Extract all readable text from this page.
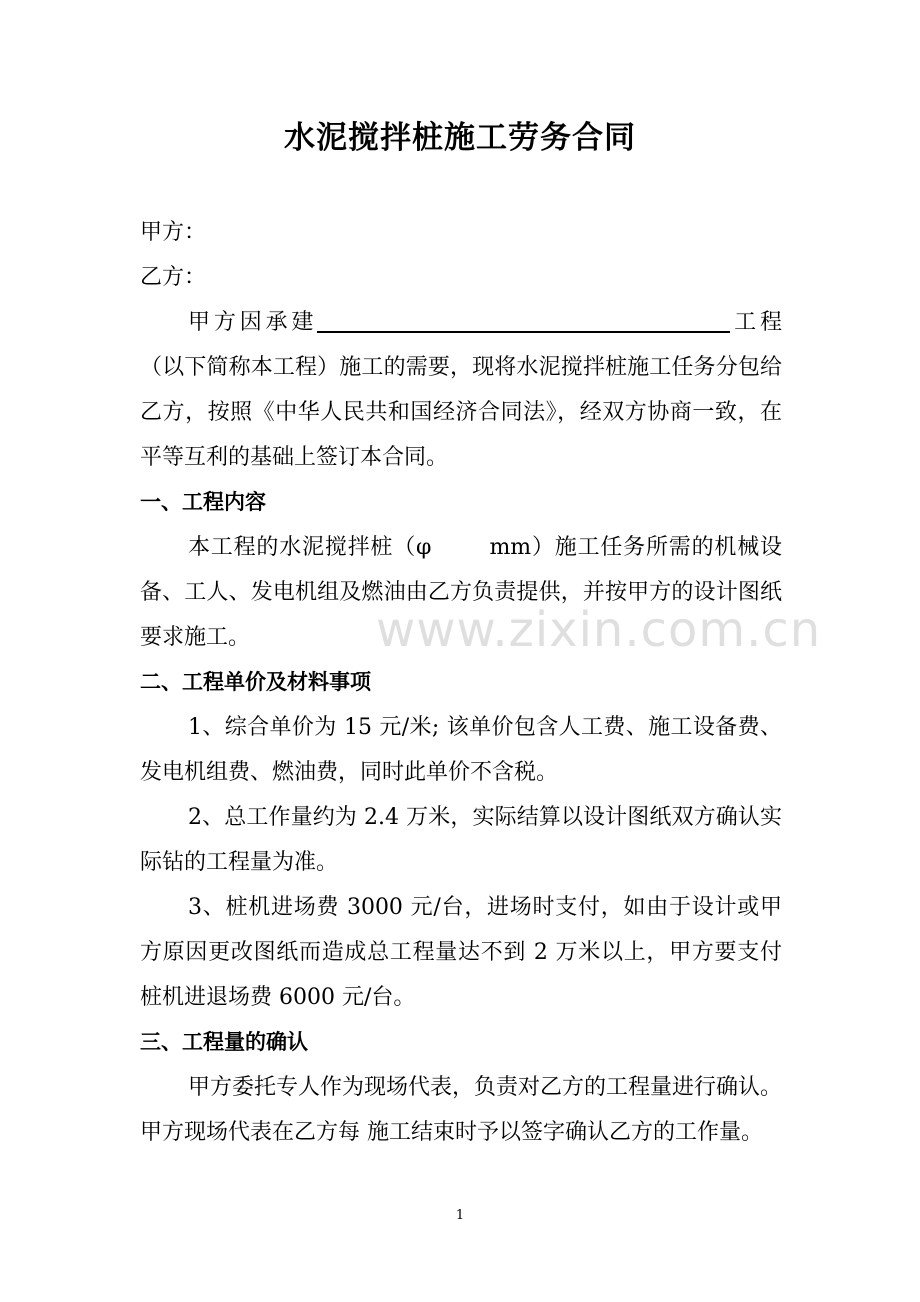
水泥搅拌桩施工劳务合同

甲方：

乙方：

甲方因承建	工程（以下简称本工程）施工的需要，现将水泥搅拌桩施工任务分包给乙方，按照《中华人民共和国经济合同法》，经双方协商一致，在平等互利的基础上签订本合同。

一、工程内容

本工程的水泥搅拌桩（φ	mm）施工任务所需的机械设备、工人、发电机组及燃油由乙方负责提供，并按甲方的设计图纸要求施工。

二、工程单价及材料事项

1、综合单价为 15 元/米; 该单价包含人工费、施工设备费、发电机组费、燃油费，同时此单价不含税。

2、总工作量约为 2.4 万米，实际结算以设计图纸双方确认实际钻的工程量为准。

3、桩机进场费 3000 元/台，进场时支付，如由于设计或甲方原因更改图纸而造成总工程量达不到 2 万米以上，甲方要支付桩机进退场费 6000 元/台。

三、工程量的确认

甲方委托专人作为现场代表，负责对乙方的工程量进行确认。甲方现场代表在乙方每 施工结束时予以签字确认乙方的工作量。

www.zixin.com.cn
1
